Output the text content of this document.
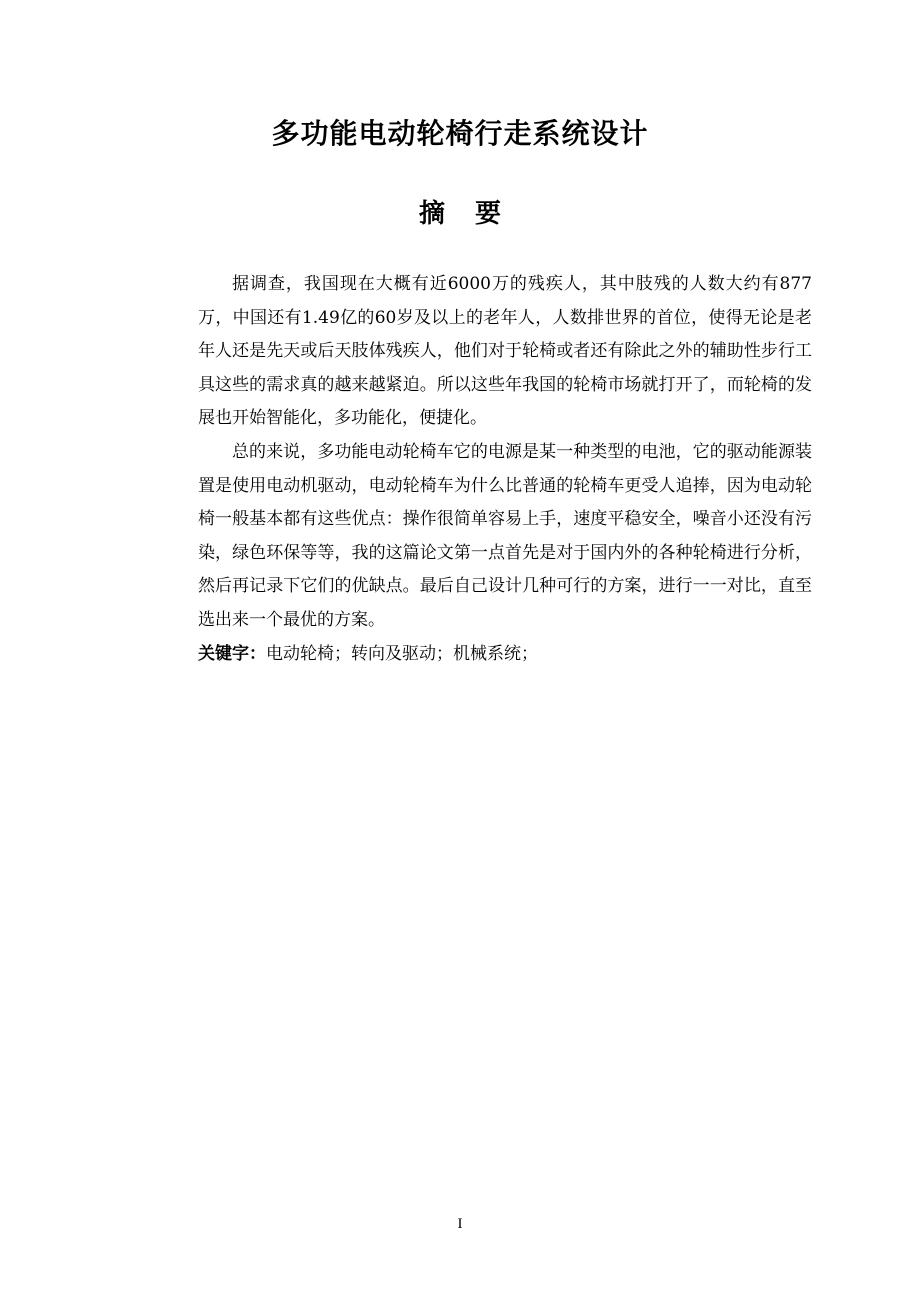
多功能电动轮椅行走系统设计
摘要

据调查，我国现在大概有近6000万的残疾人，其中肢残的人数大约有877万，中国还有1.49亿的60岁及以上的老年人，人数排世界的首位，使得无论是老年人还是先天或后天肢体残疾人，他们对于轮椅或者还有除此之外的辅助性步行工具这些的需求真的越来越紧迫。所以这些年我国的轮椅市场就打开了，而轮椅的发展也开始智能化，多功能化，便捷化。

总的来说，多功能电动轮椅车它的电源是某一种类型的电池，它的驱动能源装置是使用电动机驱动，电动轮椅车为什么比普通的轮椅车更受人追捧，因为电动轮椅一般基本都有这些优点：操作很简单容易上手，速度平稳安全，噪音小还没有污染，绿色环保等等，我的这篇论文第一点首先是对于国内外的各种轮椅进行分析，然后再记录下它们的优缺点。最后自己设计几种可行的方案，进行一一对比，直至选出来一个最优的方案。

关键字：电动轮椅；转向及驱动；机械系统；
I
